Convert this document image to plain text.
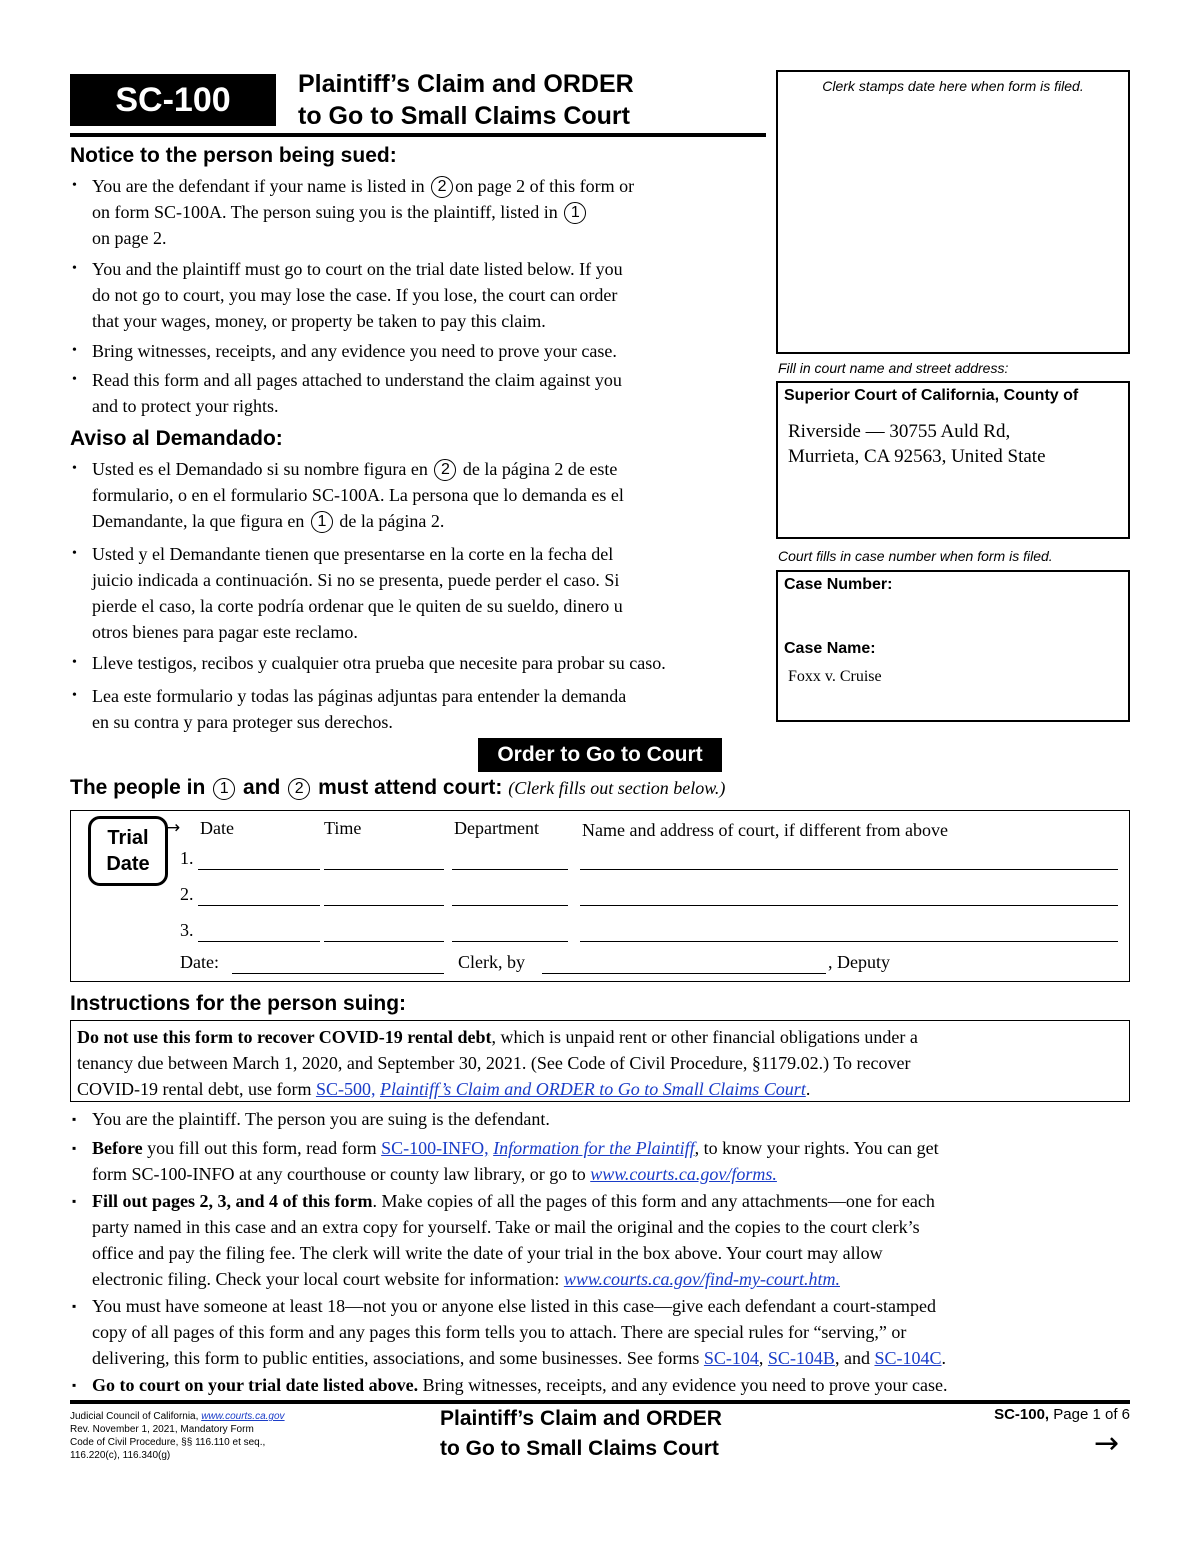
SC-100	Plaintiff’s Claim and ORDER
to Go to Small Claims Court
Clerk stamps date here when form is filed.
Fill in court name and street address:
Superior Court of California, County of
Riverside — 30755 Auld Rd,
Murrieta, CA 92563, United State
Court fills in case number when form is filed.
Case Number:
Case Name:
Foxx v. Cruise
Notice to the person being sued:
• You are the defendant if your name is listed in 2 on page 2 of this form or
on form SC-100A. The person suing you is the plaintiff, listed in 1
on page 2.
• You and the plaintiff must go to court on the trial date listed below. If you
do not go to court, you may lose the case. If you lose, the court can order
that your wages, money, or property be taken to pay this claim.
• Bring witnesses, receipts, and any evidence you need to prove your case.
• Read this form and all pages attached to understand the claim against you
and to protect your rights.
Aviso al Demandado:
• Usted es el Demandado si su nombre figura en 2 de la página 2 de este
formulario, o en el formulario SC-100A. La persona que lo demanda es el
Demandante, la que figura en 1 de la página 2.
• Usted y el Demandante tienen que presentarse en la corte en la fecha del
juicio indicada a continuación. Si no se presenta, puede perder el caso. Si
pierde el caso, la corte podría ordenar que le quiten de su sueldo, dinero u
otros bienes para pagar este reclamo.
• Lleve testigos, recibos y cualquier otra prueba que necesite para probar su caso.
• Lea este formulario y todas las páginas adjuntas para entender la demanda
en su contra y para proteger sus derechos.
Order to Go to Court
The people in 1 and 2 must attend court: (Clerk fills out section below.)
Trial
Date
→ Date	Time	Department Name and address of court, if different from above
1.
2.
3.
Date:	Clerk, by	, Deputy
Instructions for the person suing:
Do not use this form to recover COVID-19 rental debt, which is unpaid rent or other financial obligations under a
tenancy due between March 1, 2020, and September 30, 2021. (See Code of Civil Procedure, §1179.02.) To recover
COVID-19 rental debt, use form SC-500, Plaintiff’s Claim and ORDER to Go to Small Claims Court.
▪ You are the plaintiff. The person you are suing is the defendant.
▪ Before you fill out this form, read form SC-100-INFO, Information for the Plaintiff, to know your rights. You can get
form SC-100-INFO at any courthouse or county law library, or go to www.courts.ca.gov/forms.
▪ Fill out pages 2, 3, and 4 of this form. Make copies of all the pages of this form and any attachments—one for each
party named in this case and an extra copy for yourself. Take or mail the original and the copies to the court clerk’s
office and pay the filing fee. The clerk will write the date of your trial in the box above. Your court may allow
electronic filing. Check your local court website for information: www.courts.ca.gov/find-my-court.htm.
▪ You must have someone at least 18—not you or anyone else listed in this case—give each defendant a court-stamped
copy of all pages of this form and any pages this form tells you to attach. There are special rules for “serving,” or
delivering, this form to public entities, associations, and some businesses. See forms SC-104, SC-104B, and SC-104C.
▪ Go to court on your trial date listed above. Bring witnesses, receipts, and any evidence you need to prove your case.
Judicial Council of California, www.courts.ca.gov
Rev. November 1, 2021, Mandatory Form
Code of Civil Procedure, §§ 116.110 et seq.,
116.220(c), 116.340(g)
Plaintiff’s Claim and ORDER
to Go to Small Claims Court
SC-100, Page 1 of 6
→
